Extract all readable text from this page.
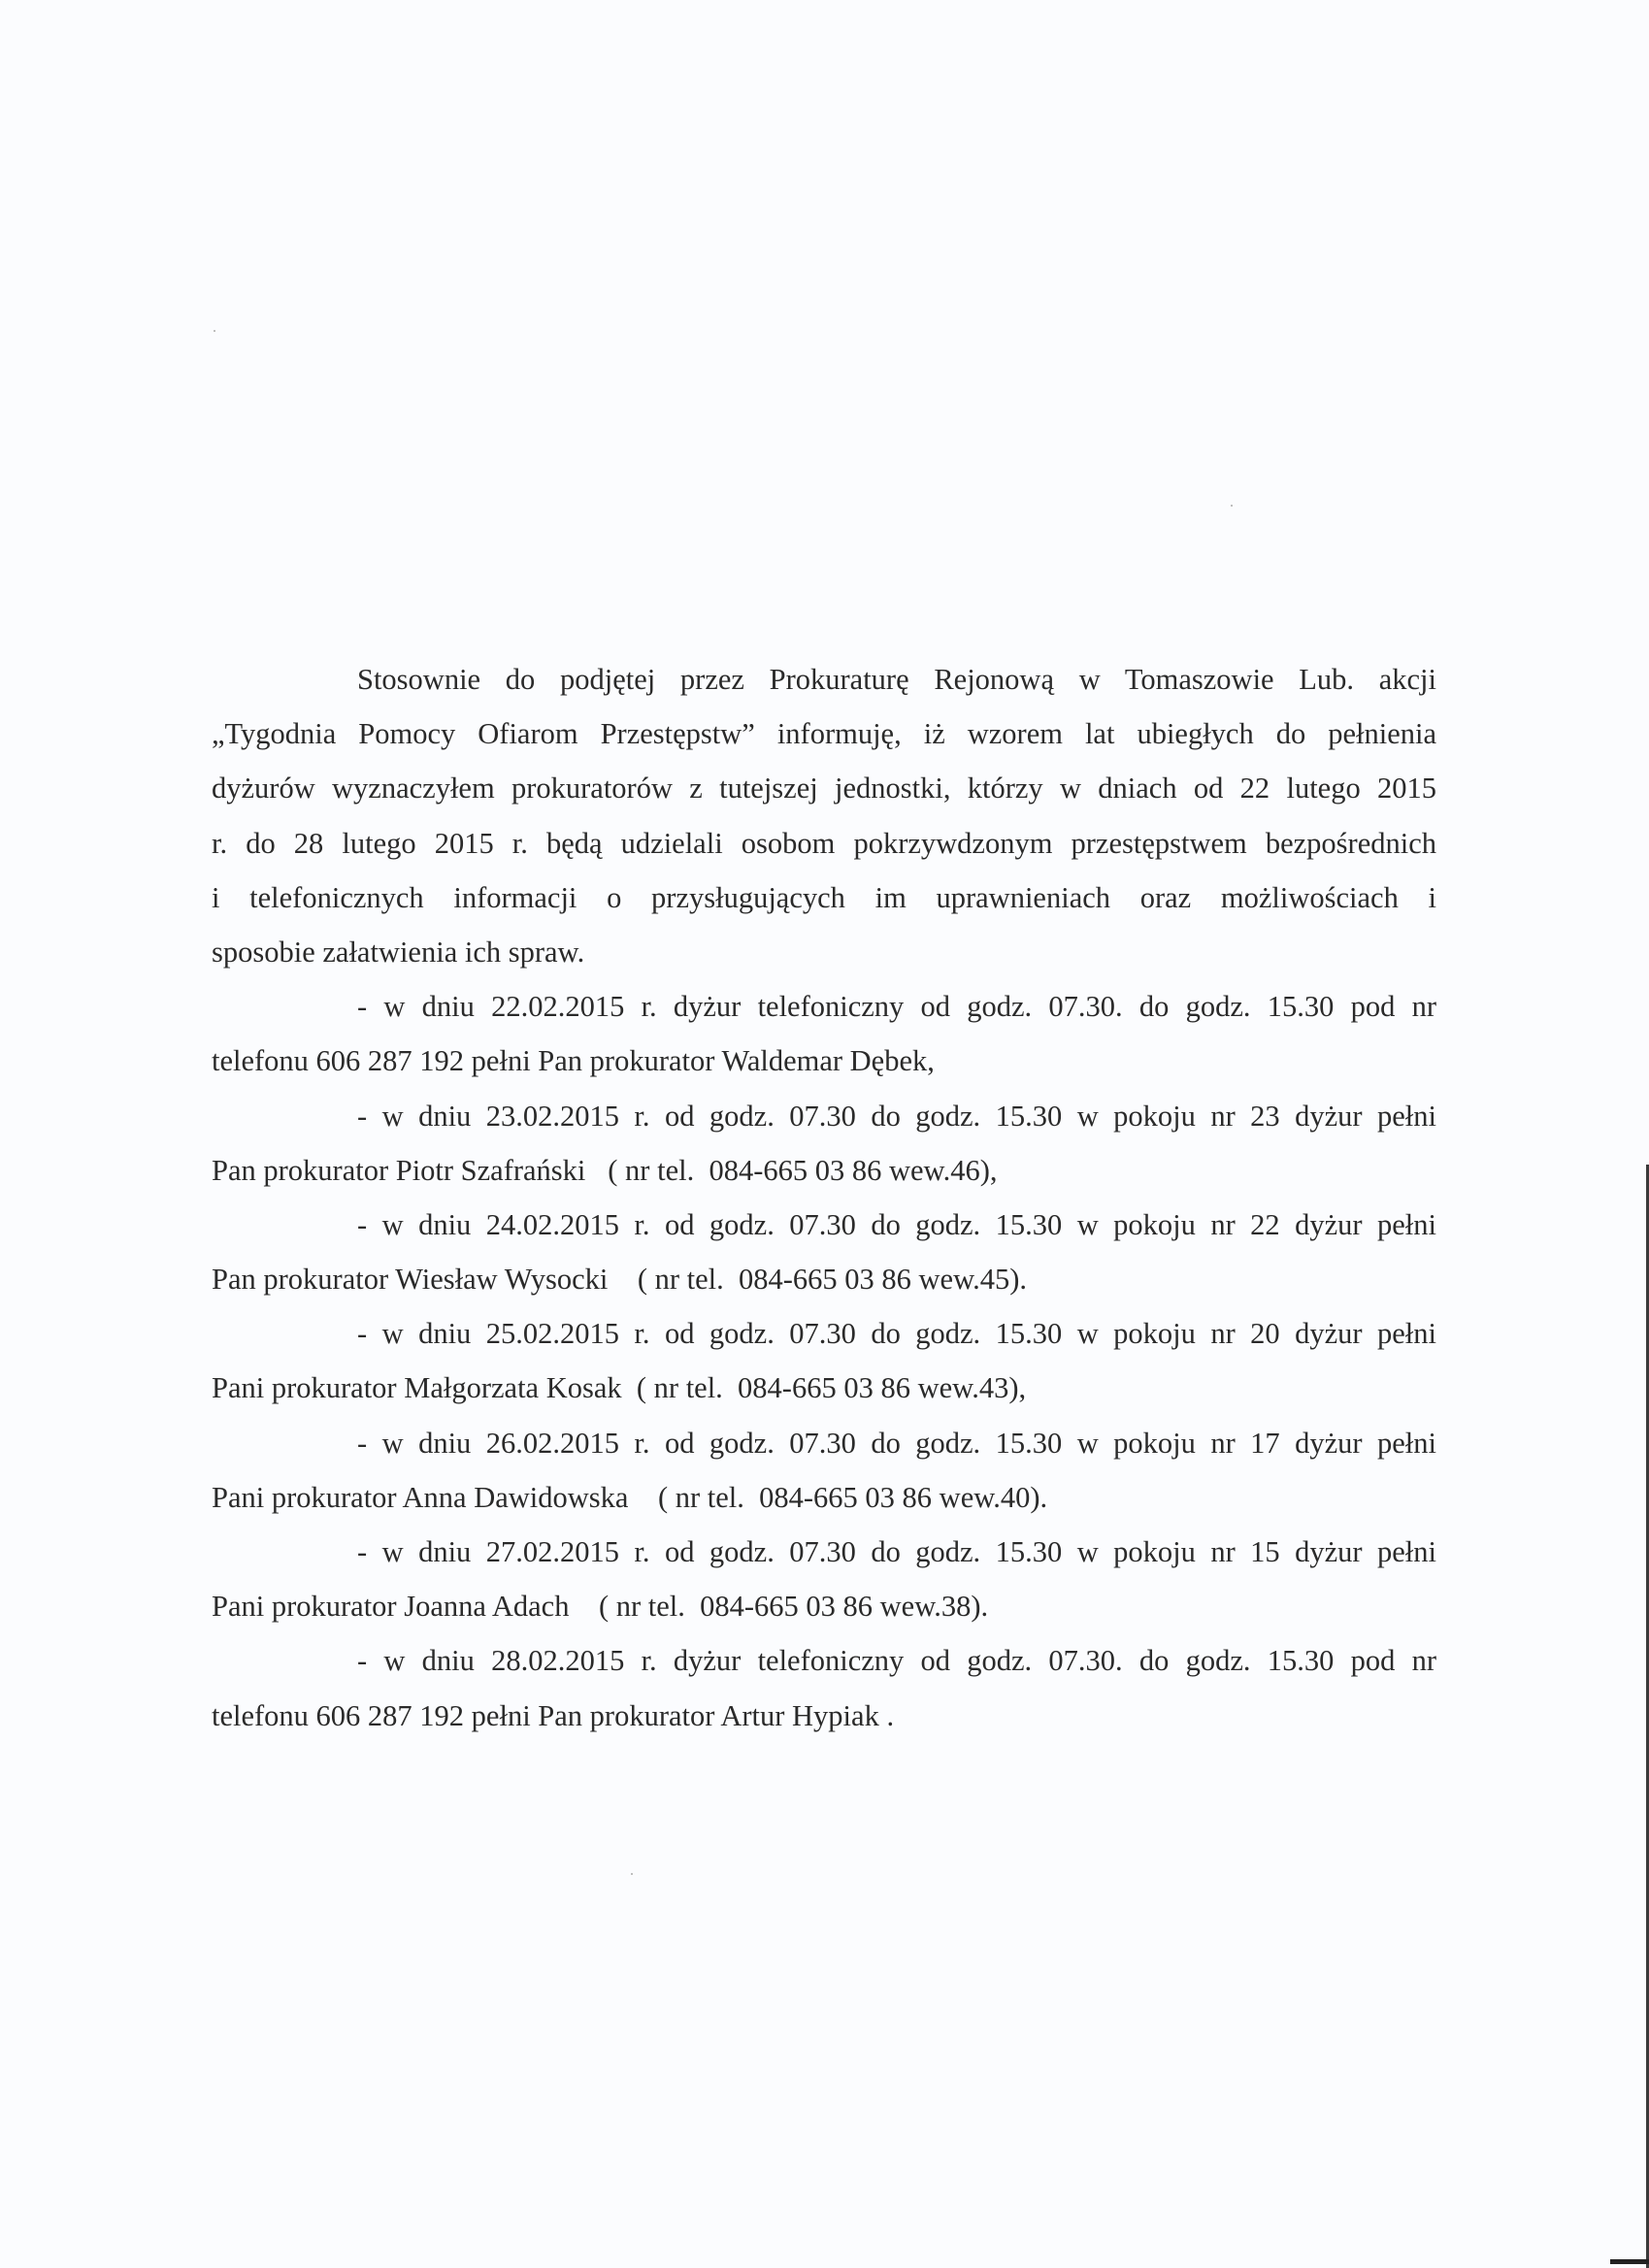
Stosownie do podjętej przez Prokuraturę Rejonową w Tomaszowie Lub. akcji
„Tygodnia Pomocy Ofiarom Przestępstw” informuję, iż wzorem lat ubiegłych do pełnienia
dyżurów wyznaczyłem prokuratorów z tutejszej jednostki, którzy w dniach od 22 lutego 2015
r. do 28 lutego 2015 r. będą udzielali osobom pokrzywdzonym przestępstwem bezpośrednich
i telefonicznych informacji o przysługujących im uprawnieniach oraz możliwościach i
sposobie załatwienia ich spraw.
- w dniu 22.02.2015 r. dyżur telefoniczny od godz. 07.30. do godz. 15.30 pod nr
telefonu 606 287 192 pełni Pan prokurator Waldemar Dębek,
- w dniu 23.02.2015 r. od godz. 07.30 do godz. 15.30 w pokoju nr 23 dyżur pełni
Pan prokurator Piotr Szafrański   ( nr tel.  084-665 03 86 wew.46),
- w dniu 24.02.2015 r. od godz. 07.30 do godz. 15.30 w pokoju nr 22 dyżur pełni
Pan prokurator Wiesław Wysocki    ( nr tel.  084-665 03 86 wew.45).
- w dniu 25.02.2015 r. od godz. 07.30 do godz. 15.30 w pokoju nr 20 dyżur pełni
Pani prokurator Małgorzata Kosak  ( nr tel.  084-665 03 86 wew.43),
- w dniu 26.02.2015 r. od godz. 07.30 do godz. 15.30 w pokoju nr 17 dyżur pełni
Pani prokurator Anna Dawidowska    ( nr tel.  084-665 03 86 wew.40).
- w dniu 27.02.2015 r. od godz. 07.30 do godz. 15.30 w pokoju nr 15 dyżur pełni
Pani prokurator Joanna Adach    ( nr tel.  084-665 03 86 wew.38).
- w dniu 28.02.2015 r. dyżur telefoniczny od godz. 07.30. do godz. 15.30 pod nr
telefonu 606 287 192 pełni Pan prokurator Artur Hypiak .
